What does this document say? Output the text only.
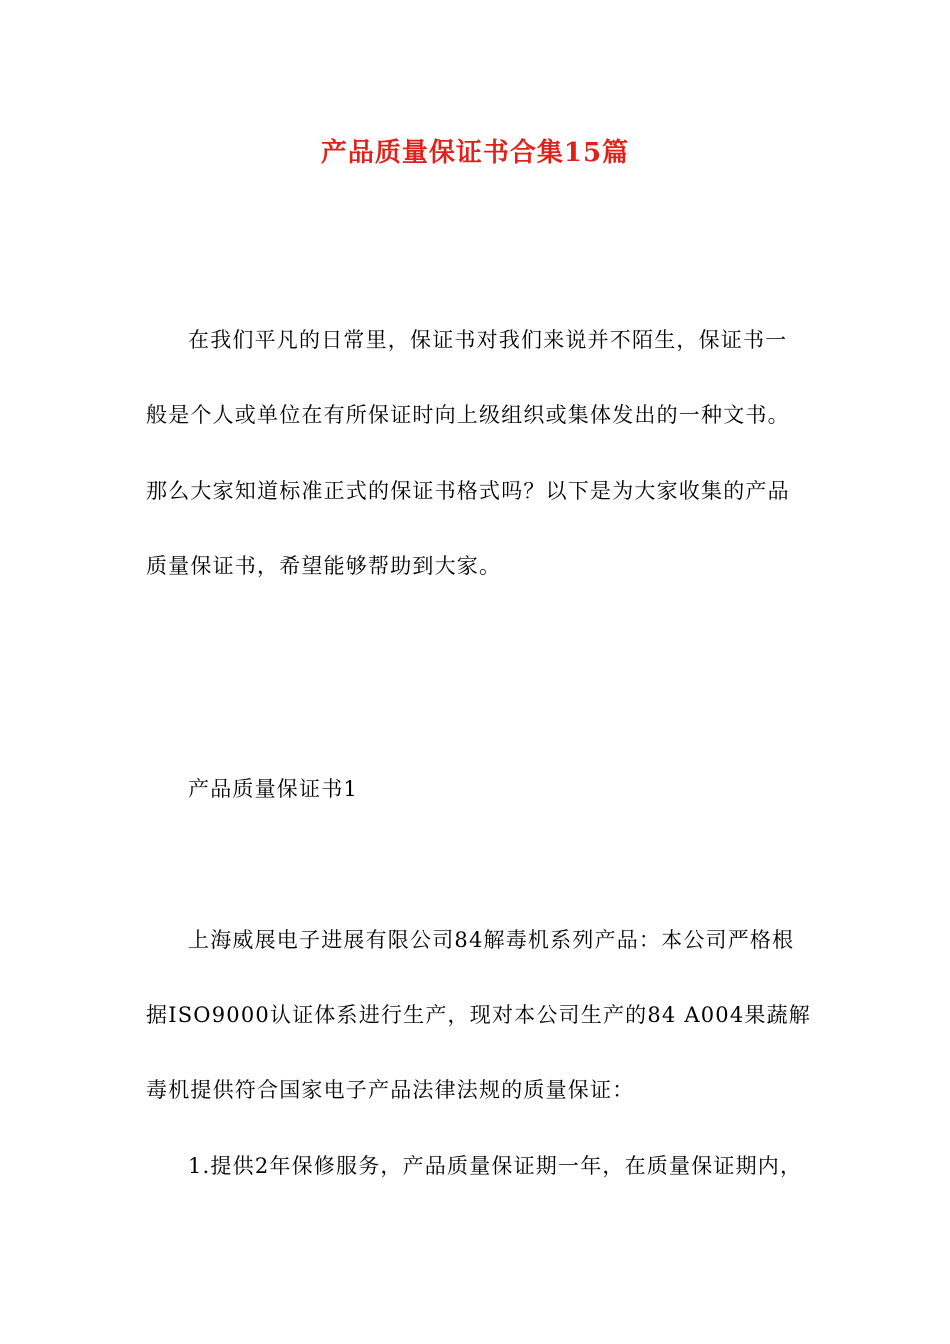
产品质量保证书合集15篇
在我们平凡的日常里，保证书对我们来说并不陌生，保证书一
般是个人或单位在有所保证时向上级组织或集体发出的一种文书。
那么大家知道标准正式的保证书格式吗？以下是为大家收集的产品
质量保证书，希望能够帮助到大家。
产品质量保证书1
上海威展电子进展有限公司84解毒机系列产品：本公司严格根
据ISO9000认证体系进行生产，现对本公司生产的84 A004果蔬解
毒机提供符合国家电子产品法律法规的质量保证：
1.提供2年保修服务，产品质量保证期一年，在质量保证期内，
